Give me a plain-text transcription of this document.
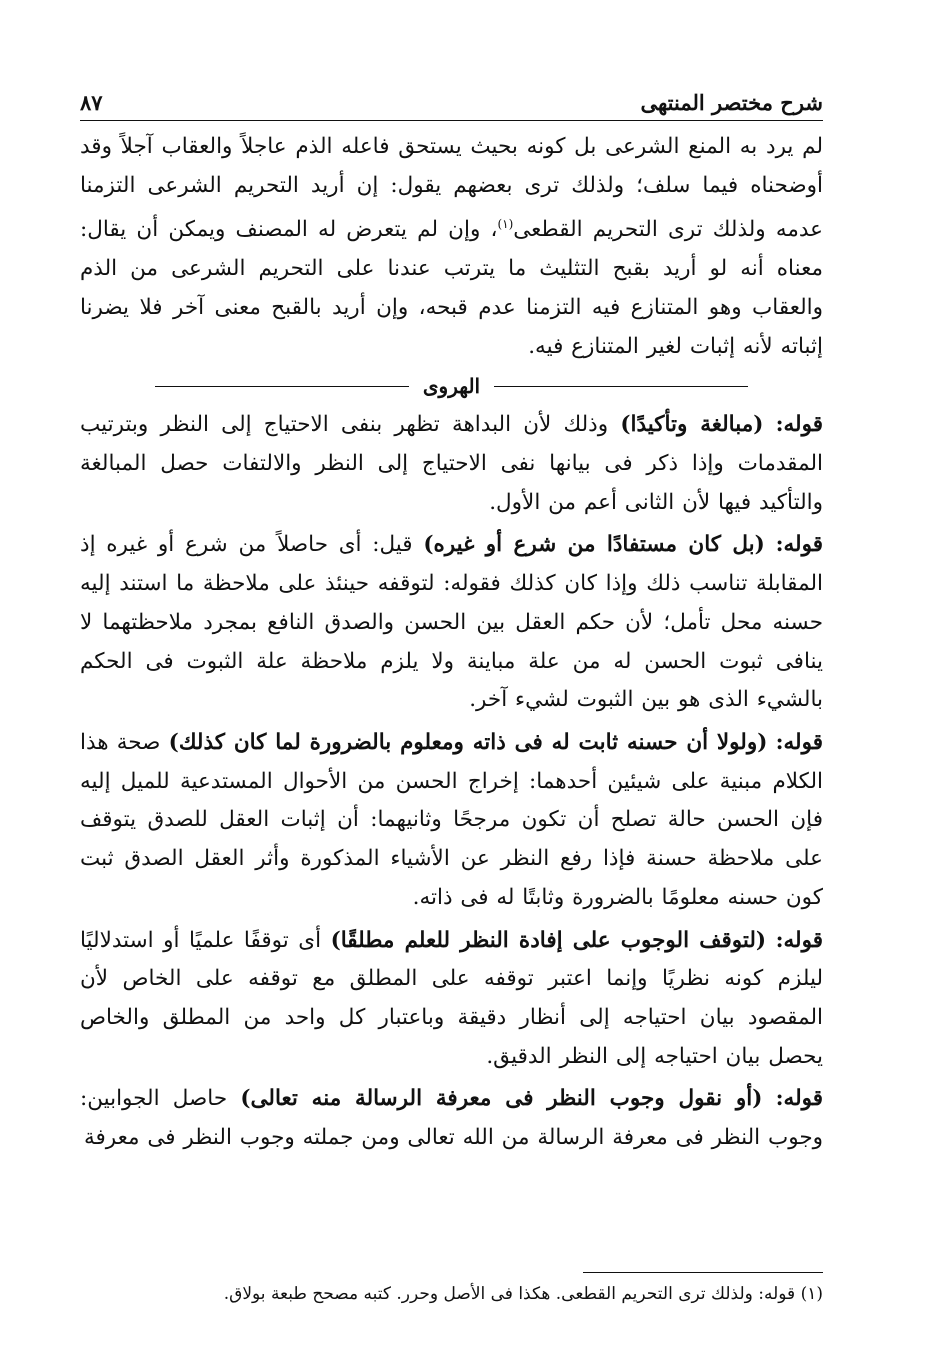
شرح مختصر المنتهى
٨٧

لم يرد به المنع الشرعى بل كونه بحيث يستحق فاعله الذم عاجلاً والعقاب آجلاً وقد أوضحناه فيما سلف؛ ولذلك ترى بعضهم يقول: إن أريد التحريم الشرعى التزمنا عدمه ولذلك ترى التحريم القطعى$^{(١)}$، وإن لم يتعرض له المصنف ويمكن أن يقال: معناه أنه لو أريد بقبح التثليث ما يترتب عندنا على التحريم الشرعى من الذم والعقاب وهو المتنازع فيه التزمنا عدم قبحه، وإن أريد بالقبح معنى آخر فلا يضرنا إثباته لأنه إثبات لغير المتنازع فيه.

الهروى

قوله: (مبالغة وتأكيدًا) وذلك لأن البداهة تظهر بنفى الاحتياج إلى النظر وبترتيب المقدمات وإذا ذكر فى بيانها نفى الاحتياج إلى النظر والالتفات حصل المبالغة والتأكيد فيها لأن الثانى أعم من الأول.

قوله: (بل كان مستفادًا من شرع أو غيره) قيل: أى حاصلاً من شرع أو غيره إذ المقابلة تناسب ذلك وإذا كان كذلك فقوله: لتوقفه حينئذ على ملاحظة ما استند إليه حسنه محل تأمل؛ لأن حكم العقل بين الحسن والصدق النافع بمجرد ملاحظتهما لا ينافى ثبوت الحسن له من علة مباينة ولا يلزم ملاحظة علة الثبوت فى الحكم بالشيء الذى هو بين الثبوت لشيء آخر.

قوله: (ولولا أن حسنه ثابت له فى ذاته ومعلوم بالضرورة لما كان كذلك) صحة هذا الكلام مبنية على شيئين أحدهما: إخراج الحسن من الأحوال المستدعية للميل إليه فإن الحسن حالة تصلح أن تكون مرجحًا وثانيهما: أن إثبات العقل للصدق يتوقف على ملاحظة حسنة فإذا رفع النظر عن الأشياء المذكورة وأثر العقل الصدق ثبت كون حسنه معلومًا بالضرورة وثابتًا له فى ذاته.

قوله: (لتوقف الوجوب على إفادة النظر للعلم مطلقًا) أى توقفًا علميًا أو استدلاليًا ليلزم كونه نظريًا وإنما اعتبر توقفه على المطلق مع توقفه على الخاص لأن المقصود بيان احتياجه إلى أنظار دقيقة وباعتبار كل واحد من المطلق والخاص يحصل بيان احتياجه إلى النظر الدقيق.

قوله: (أو نقول وجوب النظر فى معرفة الرسالة منه تعالى) حاصل الجوابين: وجوب النظر فى معرفة الرسالة من الله تعالى ومن جملته وجوب النظر فى معرفة

(١) قوله: ولذلك ترى التحريم القطعى. هكذا فى الأصل وحرر. كتبه مصحح طبعة بولاق.
